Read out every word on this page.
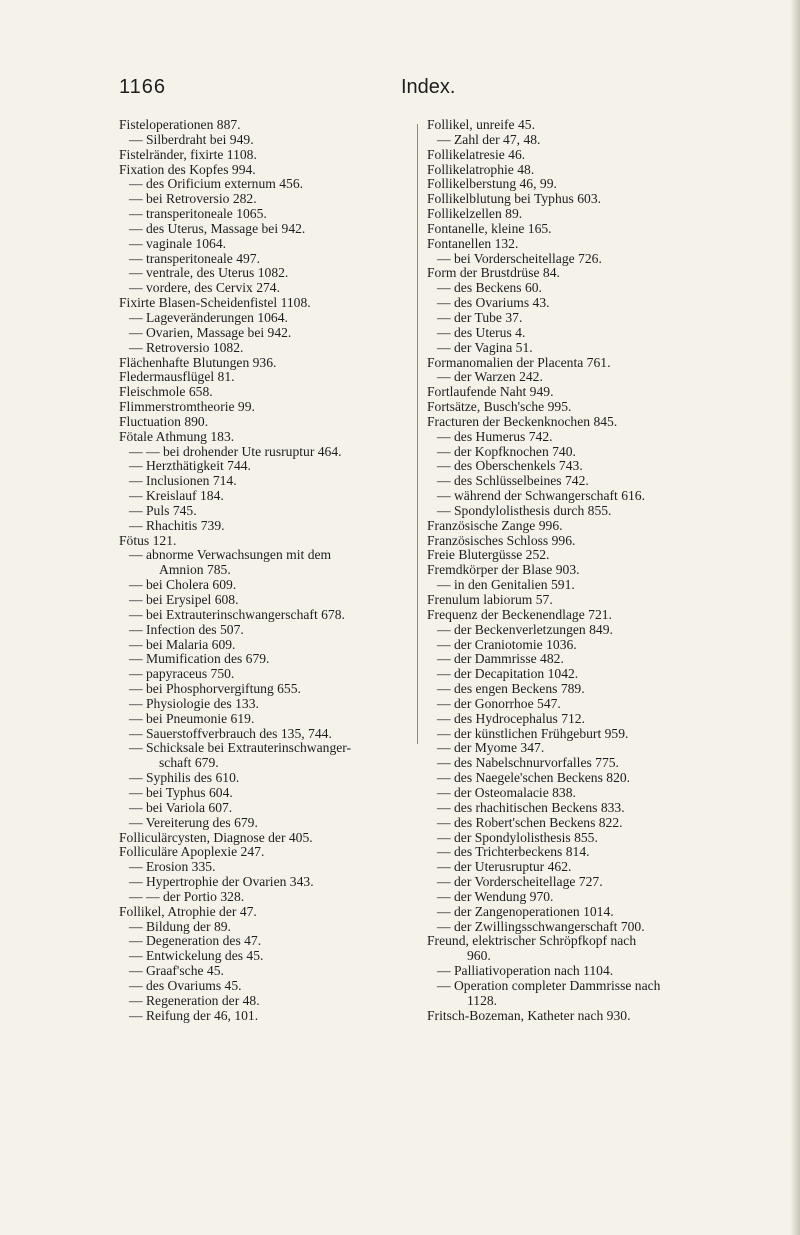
1166	Index.
Fisteloperationen 887.
— Silberdraht bei 949.
Fistelränder, fixirte 1108.
Fixation des Kopfes 994.
— des Orificium externum 456.
— bei Retroversio 282.
— transperitoneale 1065.
— des Uterus, Massage bei 942.
— vaginale 1064.
— transperitoneale 497.
— ventrale, des Uterus 1082.
— vordere, des Cervix 274.
Fixirte Blasen-Scheidenfistel 1108.
— Lageveränderungen 1064.
— Ovarien, Massage bei 942.
— Retroversio 1082.
Flächenhafte Blutungen 936.
Fledermausflügel 81.
Fleischmole 658.
Flimmerstromtheorie 99.
Fluctuation 890.
Fötale Athmung 183.
— — bei drohender Ute rusruptur 464.
— Herzthätigkeit 744.
— Inclusionen 714.
— Kreislauf 184.
— Puls 745.
— Rhachitis 739.
Fötus 121.
— abnorme Verwachsungen mit dem
Amnion 785.
— bei Cholera 609.
— bei Erysipel 608.
— bei Extrauterinschwangerschaft 678.
— Infection des 507.
— bei Malaria 609.
— Mumification des 679.
— papyraceus 750.
— bei Phosphorvergiftung 655.
— Physiologie des 133.
— bei Pneumonie 619.
— Sauerstoffverbrauch des 135, 744.
— Schicksale bei Extrauterinschwanger-
schaft 679.
— Syphilis des 610.
— bei Typhus 604.
— bei Variola 607.
— Vereiterung des 679.
Folliculärcysten, Diagnose der 405.
Folliculäre Apoplexie 247.
— Erosion 335.
— Hypertrophie der Ovarien 343.
— — der Portio 328.
Follikel, Atrophie der 47.
— Bildung der 89.
— Degeneration des 47.
— Entwickelung des 45.
— Graaf'sche 45.
— des Ovariums 45.
— Regeneration der 48.
— Reifung der 46, 101.
Follikel, unreife 45.
— Zahl der 47, 48.
Follikelatresie 46.
Follikelatrophie 48.
Follikelberstung 46, 99.
Follikelblutung bei Typhus 603.
Follikelzellen 89.
Fontanelle, kleine 165.
Fontanellen 132.
— bei Vorderscheitellage 726.
Form der Brustdrüse 84.
— des Beckens 60.
— des Ovariums 43.
— der Tube 37.
— des Uterus 4.
— der Vagina 51.
Formanomalien der Placenta 761.
— der Warzen 242.
Fortlaufende Naht 949.
Fortsätze, Busch'sche 995.
Fracturen der Beckenknochen 845.
— des Humerus 742.
— der Kopfknochen 740.
— des Oberschenkels 743.
— des Schlüsselbeines 742.
— während der Schwangerschaft 616.
— Spondylolisthesis durch 855.
Französische Zange 996.
Französisches Schloss 996.
Freie Blutergüsse 252.
Fremdkörper der Blase 903.
— in den Genitalien 591.
Frenulum labiorum 57.
Frequenz der Beckenendlage 721.
— der Beckenverletzungen 849.
— der Craniotomie 1036.
— der Dammrisse 482.
— der Decapitation 1042.
— des engen Beckens 789.
— der Gonorrhoe 547.
— des Hydrocephalus 712.
— der künstlichen Frühgeburt 959.
— der Myome 347.
— des Nabelschnurvorfalles 775.
— des Naegele'schen Beckens 820.
— der Osteomalacie 838.
— des rhachitischen Beckens 833.
— des Robert'schen Beckens 822.
— der Spondylolisthesis 855.
— des Trichterbeckens 814.
— der Uterusruptur 462.
— der Vorderscheitellage 727.
— der Wendung 970.
— der Zangenoperationen 1014.
— der Zwillingsschwangerschaft 700.
Freund, elektrischer Schröpfkopf nach
960.
— Palliativoperation nach 1104.
— Operation completer Dammrisse nach
1128.
Fritsch-Bozeman, Katheter nach 930.
